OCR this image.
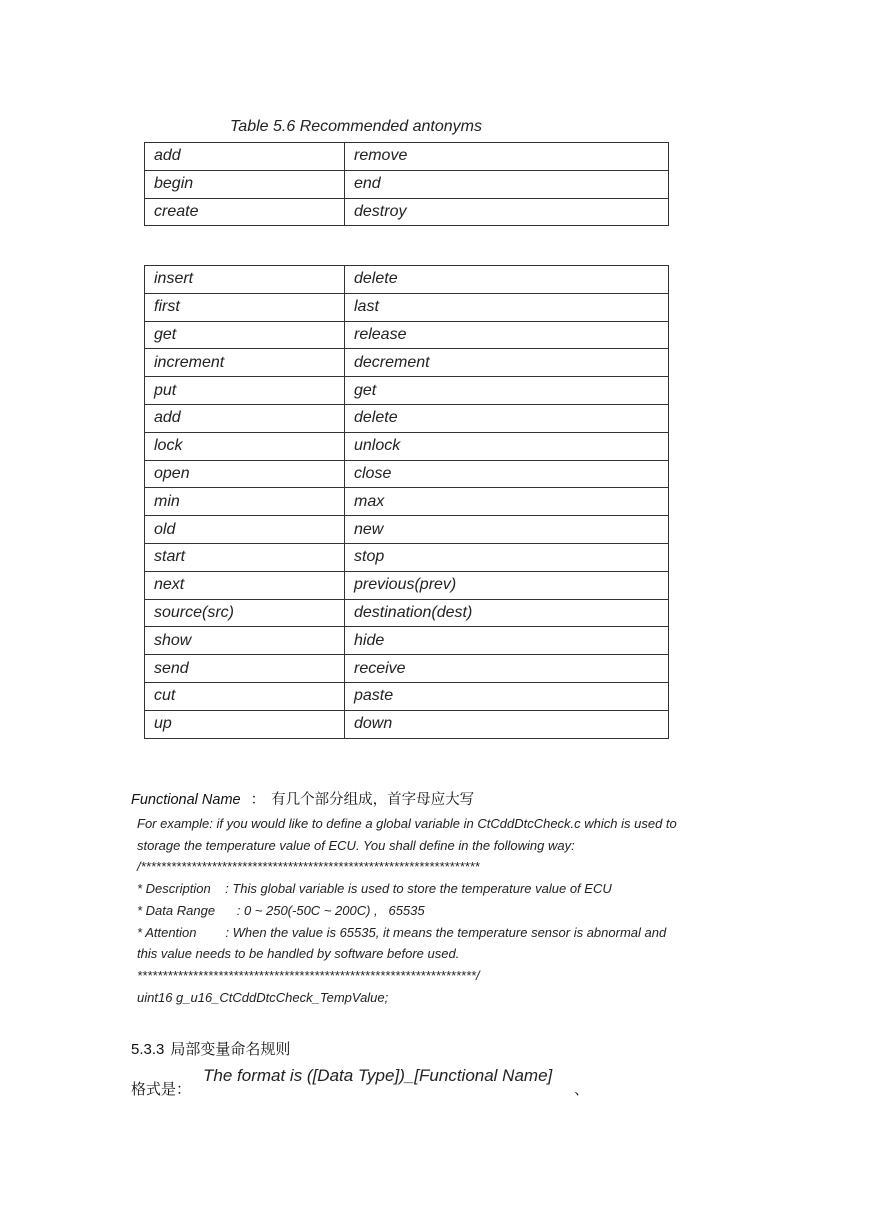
Table 5.6 Recommended antonyms
add	remove
begin	end
create	destroy
insert	delete
first	last
get	release
increment	decrement
put	get
add	delete
lock	unlock
open	close
min	max
old	new
start	stop
next	previous(prev)
source(src)	destination(dest)
show	hide
send	receive
cut	paste
up	down
Functional Name ： 有几个部分组成，首字母应大写
For example: if you would like to define a global variable in CtCddDtcCheck.c which is used to
storage the temperature value of ECU. You shall define in the following way:
/*******************************************************************
* Description    : This global variable is used to store the temperature value of ECU
* Data Range      : 0 ~ 250(-50C ~ 200C) ,   65535
* Attention        : When the value is 65535, it means the temperature sensor is abnormal and
this value needs to be handled by software before used.
*******************************************************************/
uint16 g_u16_CtCddDtcCheck_TempValue;
5.3.3 局部变量命名规则
格式是：
The format is ([Data Type])_[Functional Name]
、
